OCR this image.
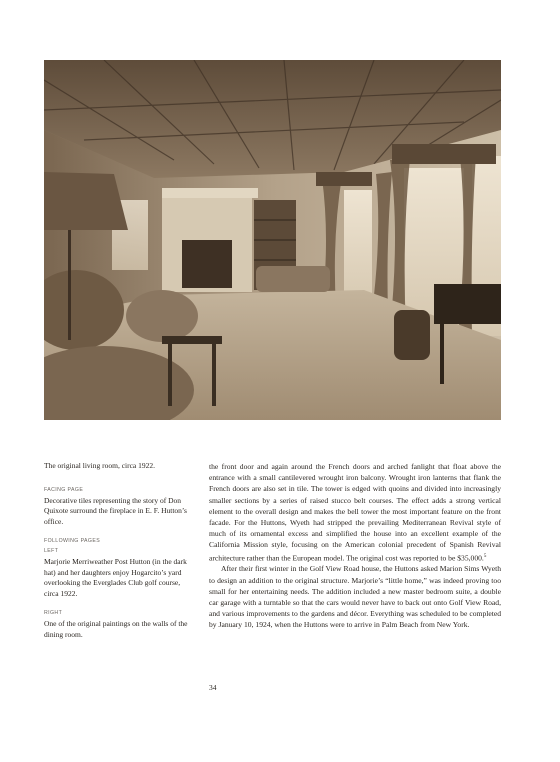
The original living room, circa 1922.

FACING PAGE

Decorative tiles representing the story of Don Quixote surround the fireplace in E. F. Hutton’s office.

FOLLOWING PAGES

LEFT

Marjorie Merriweather Post Hutton (in the dark hat) and her daughters enjoy Hogarcito’s yard overlooking the Everglades Club golf course, circa 1922.

RIGHT

One of the original paintings on the walls of the dining room.

the front door and again around the French doors and arched fanlight that float above the entrance with a small cantilevered wrought iron balcony. Wrought iron lanterns that flank the French doors are also set in tile. The tower is edged with quoins and divided into increasingly smaller sections by a series of raised stucco belt courses. The effect adds a strong vertical element to the overall design and makes the bell tower the most important feature on the front facade. For the Huttons, Wyeth had stripped the prevailing Mediterranean Revival style of much of its ornamental excess and simplified the house into an excellent example of the California Mission style, focusing on the American colonial precedent of Spanish Revival architecture rather than the European model. The original cost was reported to be $35,000.$^5$

After their first winter in the Golf View Road house, the Huttons asked Marion Sims Wyeth to design an addition to the original structure. Marjorie’s “little home,” was indeed proving too small for her entertaining needs. The addition included a new master bedroom suite, a double car garage with a turntable so that the cars would never have to back out onto Golf View Road, and various improvements to the gardens and décor. Everything was scheduled to be completed by January 10, 1924, when the Huttons were to arrive in Palm Beach from New York.

34
